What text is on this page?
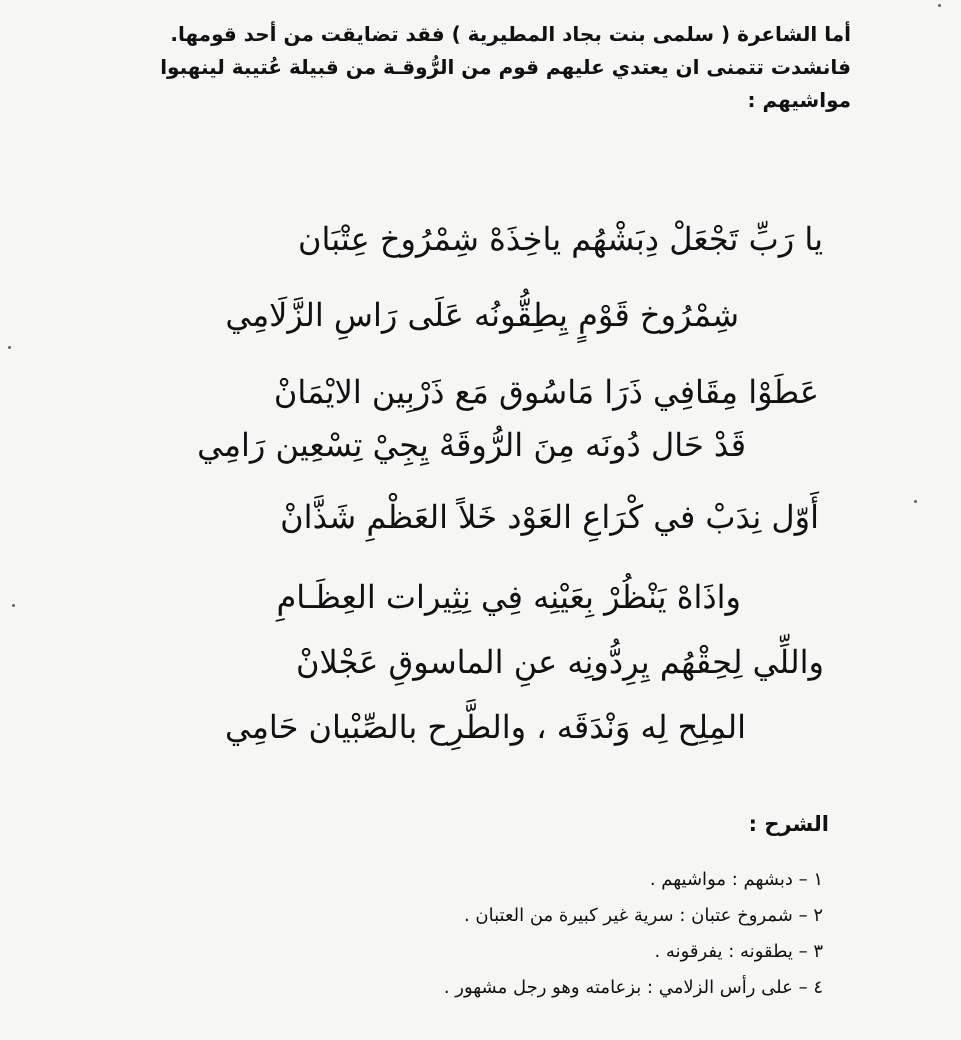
أما الشاعرة ( سلمى بنت بجاد المطيرية ) فقد تضايقت من أحد قومها.
فانشدت تتمنى ان يعتدي عليهم قوم من الرُّوقـة من قبيلة عُتيبة لينهبوا
مواشيهم :
يا رَبِّ تَجْعَلْ دِبَشْهُم ياخِذَهْ شِمْرُوخ عِتْبَان
شِمْرُوخ قَوْمٍ يِطِقُّونُه عَلَى رَاسِ الزَّلَامِي
عَطَوْا مِقَافِي ذَرَا مَاسُوق مَع ذَرْبِين الايْمَانْ
قَدْ حَال دُونَه مِنَ الرُّوقَهْ يِجِيْ تِسْعِين رَامِي
أَوّل نِدَبْ في كْرَاعِ العَوْد خَلاً العَظْمِ شَذَّانْ
واذَاهْ يَنْظُرْ بِعَيْنِه فِي نِثِيرات العِظَـامِ
واللِّي لِحِقْهُم يِرِدُّونِه عنِ الماسوقِ عَجْلانْ
المِلِح لِه وَنْدَقَه ، والطَّرِح بالصِّبْيان حَامِي
الشرح :
١ – دبشهم : مواشيهم .
٢ – شمروخ عتبان : سرية غير كبيرة من العتبان .
٣ – يطقونه : يفرقونه .
٤ – على رأس الزلامي : بزعامته وهو رجل مشهور .
